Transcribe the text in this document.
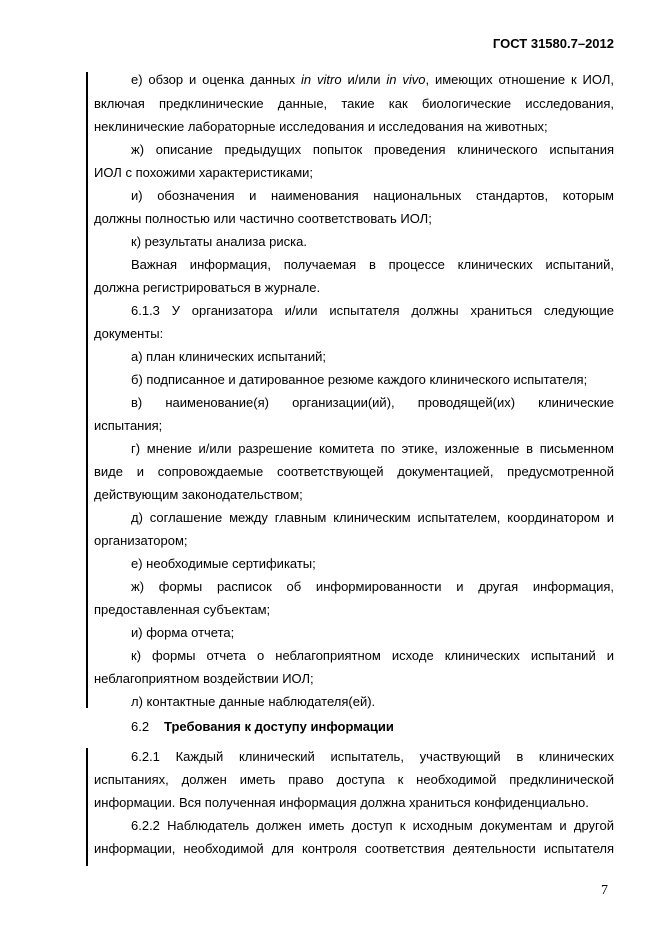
ГОСТ 31580.7–2012
е) обзор и оценка данных in vitro и/или in vivo, имеющих отношение к ИОЛ,
включая предклинические данные, такие как биологические исследования,
неклинические лабораторные исследования и исследования на животных;
ж) описание предыдущих попыток проведения клинического испытания
ИОЛ с похожими характеристиками;
и) обозначения и наименования национальных стандартов, которым
должны полностью или частично соответствовать ИОЛ;
к) результаты анализа риска.
Важная информация, получаемая в процессе клинических испытаний,
должна регистрироваться в журнале.
6.1.3 У организатора и/или испытателя должны храниться следующие
документы:
а) план клинических испытаний;
б) подписанное и датированное резюме каждого клинического испытателя;
в) наименование(я) организации(ий), проводящей(их) клинические
испытания;
г) мнение и/или разрешение комитета по этике, изложенные в письменном
виде и сопровождаемые соответствующей документацией, предусмотренной
действующим законодательством;
д) соглашение между главным клиническим испытателем, координатором и
организатором;
е) необходимые сертификаты;
ж) формы расписок об информированности и другая информация,
предоставленная субъектам;
и) форма отчета;
к) формы отчета о неблагоприятном исходе клинических испытаний и
неблагоприятном воздействии ИОЛ;
л) контактные данные наблюдателя(ей).
6.2 Требования к доступу информации
6.2.1 Каждый клинический испытатель, участвующий в клинических
испытаниях, должен иметь право доступа к необходимой предклинической
информации. Вся полученная информация должна храниться конфиденциально.
6.2.2 Наблюдатель должен иметь доступ к исходным документам и другой
информации, необходимой для контроля соответствия деятельности испытателя
7
